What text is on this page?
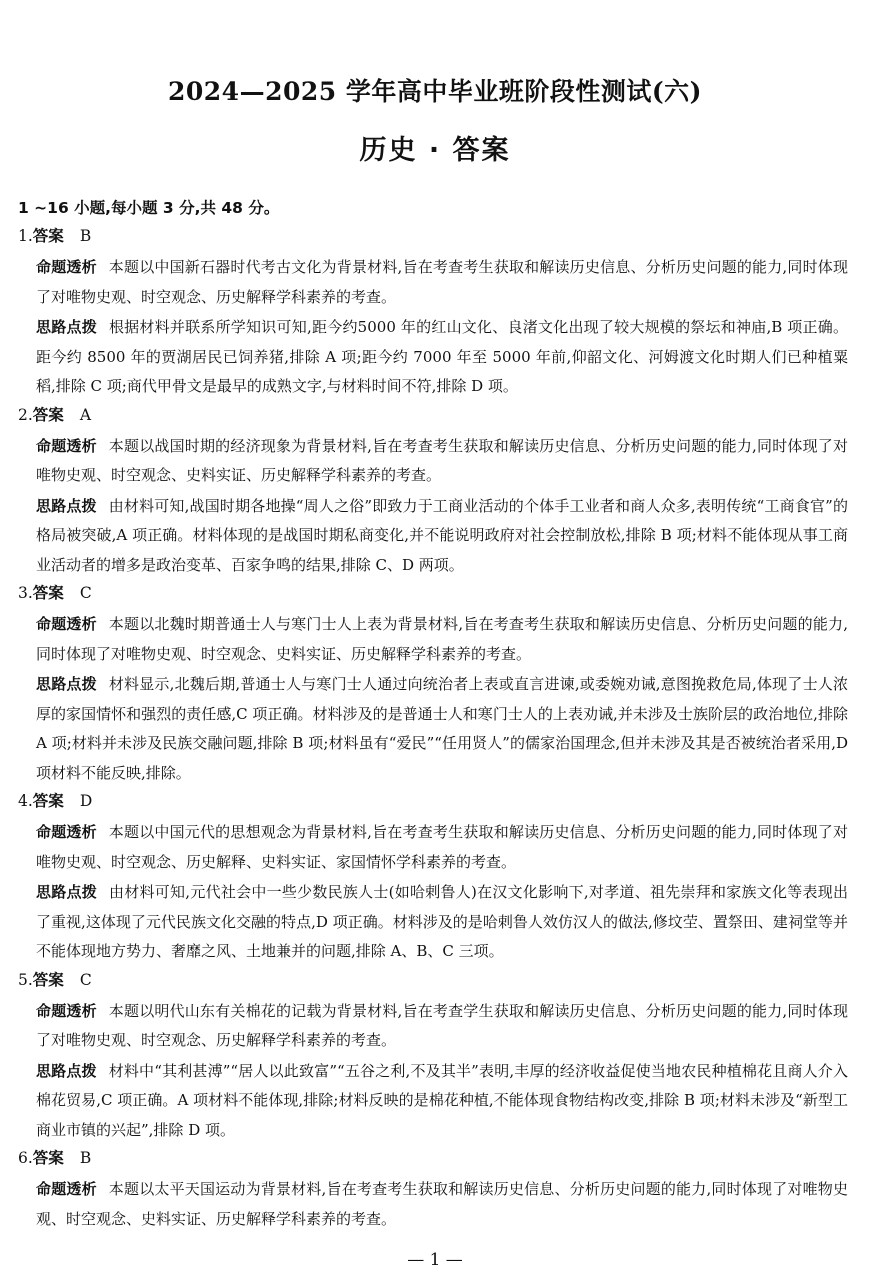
2024—2025 学年高中毕业班阶段性测试(六)
历史 · 答案
1 ~16 小题,每小题 3 分,共 48 分。
1.答案 B
命题透析 本题以中国新石器时代考古文化为背景材料,旨在考查考生获取和解读历史信息、分析历史问题的能力,同时体现了对唯物史观、时空观念、历史解释学科素养的考查。
思路点拨 根据材料并联系所学知识可知,距今约5000 年的红山文化、良渚文化出现了较大规模的祭坛和神庙,B 项正确。距今约 8500 年的贾湖居民已饲养猪,排除 A 项;距今约 7000 年至 5000 年前,仰韶文化、河姆渡文化时期人们已种植粟稻,排除 C 项;商代甲骨文是最早的成熟文字,与材料时间不符,排除 D 项。
2.答案 A
命题透析 本题以战国时期的经济现象为背景材料,旨在考查考生获取和解读历史信息、分析历史问题的能力,同时体现了对唯物史观、时空观念、史料实证、历史解释学科素养的考查。
思路点拨 由材料可知,战国时期各地操“周人之俗”即致力于工商业活动的个体手工业者和商人众多,表明传统“工商食官”的格局被突破,A 项正确。材料体现的是战国时期私商变化,并不能说明政府对社会控制放松,排除 B 项;材料不能体现从事工商业活动者的增多是政治变革、百家争鸣的结果,排除 C、D 两项。
3.答案 C
命题透析 本题以北魏时期普通士人与寒门士人上表为背景材料,旨在考查考生获取和解读历史信息、分析历史问题的能力,同时体现了对唯物史观、时空观念、史料实证、历史解释学科素养的考查。
思路点拨 材料显示,北魏后期,普通士人与寒门士人通过向统治者上表或直言进谏,或委婉劝诫,意图挽救危局,体现了士人浓厚的家国情怀和强烈的责任感,C 项正确。材料涉及的是普通士人和寒门士人的上表劝诫,并未涉及士族阶层的政治地位,排除 A 项;材料并未涉及民族交融问题,排除 B 项;材料虽有“爱民”“任用贤人”的儒家治国理念,但并未涉及其是否被统治者采用,D 项材料不能反映,排除。
4.答案 D
命题透析 本题以中国元代的思想观念为背景材料,旨在考查考生获取和解读历史信息、分析历史问题的能力,同时体现了对唯物史观、时空观念、历史解释、史料实证、家国情怀学科素养的考查。
思路点拨 由材料可知,元代社会中一些少数民族人士(如哈剌鲁人)在汉文化影响下,对孝道、祖先崇拜和家族文化等表现出了重视,这体现了元代民族文化交融的特点,D 项正确。材料涉及的是哈剌鲁人效仿汉人的做法,修坟茔、置祭田、建祠堂等并不能体现地方势力、奢靡之风、土地兼并的问题,排除 A、B、C 三项。
5.答案 C
命题透析 本题以明代山东有关棉花的记载为背景材料,旨在考查学生获取和解读历史信息、分析历史问题的能力,同时体现了对唯物史观、时空观念、历史解释学科素养的考查。
思路点拨 材料中“其利甚溥”“居人以此致富”“五谷之利,不及其半”表明,丰厚的经济收益促使当地农民种植棉花且商人介入棉花贸易,C 项正确。A 项材料不能体现,排除;材料反映的是棉花种植,不能体现食物结构改变,排除 B 项;材料未涉及“新型工商业市镇的兴起”,排除 D 项。
6.答案 B
命题透析 本题以太平天国运动为背景材料,旨在考查考生获取和解读历史信息、分析历史问题的能力,同时体现了对唯物史观、时空观念、史料实证、历史解释学科素养的考查。
— 1 —
